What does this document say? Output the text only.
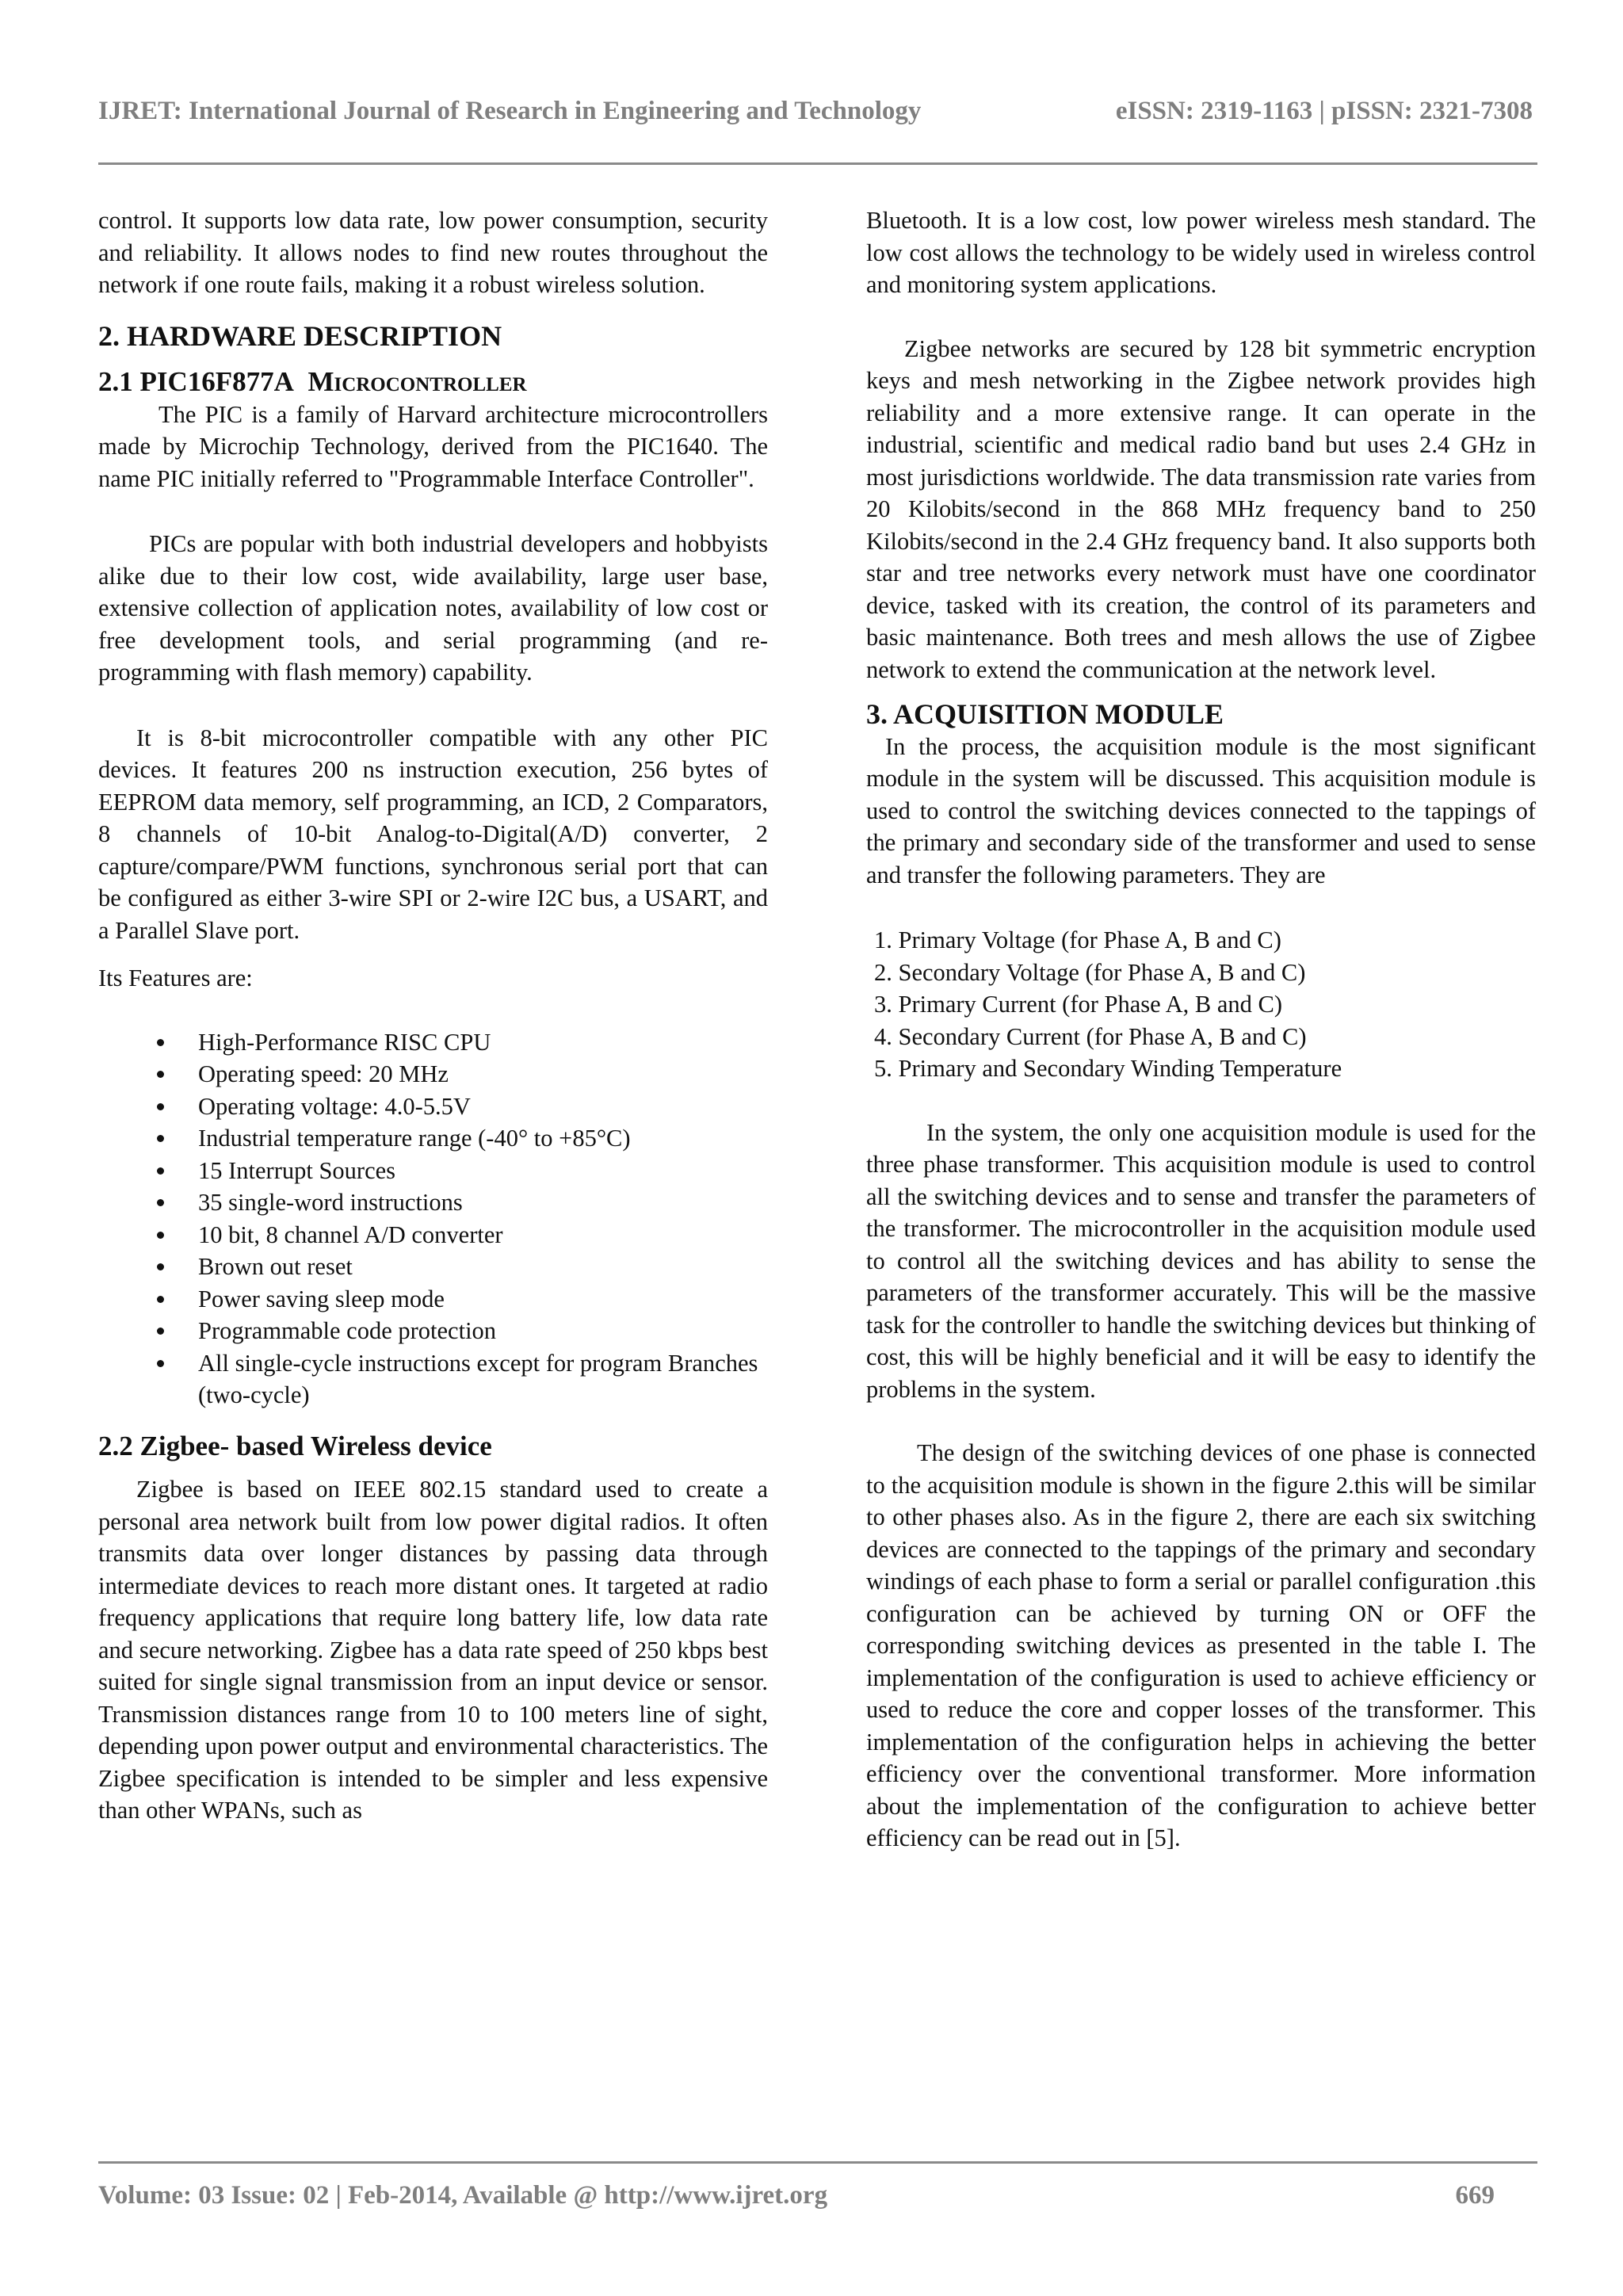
IJRET: International Journal of Research in Engineering and Technology	eISSN: 2319-1163 | pISSN: 2321-7308

control. It supports low data rate, low power consumption, security and reliability. It allows nodes to find new routes throughout the network if one route fails, making it a robust wireless solution.

2. HARDWARE DESCRIPTION
2.1 PIC16F877A Microcontroller

The PIC is a family of Harvard architecture microcontrollers made by Microchip Technology, derived from the PIC1640. The name PIC initially referred to "Programmable Interface Controller".

PICs are popular with both industrial developers and hobbyists alike due to their low cost, wide availability, large user base, extensive collection of application notes, availability of low cost or free development tools, and serial programming (and re-programming with flash memory) capability.

It is 8-bit microcontroller compatible with any other PIC devices. It features 200 ns instruction execution, 256 bytes of EEPROM data memory, self programming, an ICD, 2 Comparators, 8 channels of 10-bit Analog-to-Digital(A/D) converter, 2 capture/compare/PWM functions, synchronous serial port that can be configured as either 3-wire SPI or 2-wire I2C bus, a USART, and a Parallel Slave port.

Its Features are:

High-Performance RISC CPU
Operating speed: 20 MHz
Operating voltage: 4.0-5.5V
Industrial temperature range (-40° to +85°C)
15 Interrupt Sources
35 single-word instructions
10 bit, 8 channel A/D converter
Brown out reset
Power saving sleep mode
Programmable code protection
All single-cycle instructions except for program Branches (two-cycle)
2.2 Zigbee- based Wireless device

Zigbee is based on IEEE 802.15 standard used to create a personal area network built from low power digital radios. It often transmits data over longer distances by passing data through intermediate devices to reach more distant ones. It targeted at radio frequency applications that require long battery life, low data rate and secure networking. Zigbee has a data rate speed of 250 kbps best suited for single signal transmission from an input device or sensor. Transmission distances range from 10 to 100 meters line of sight, depending upon power output and environmental characteristics. The Zigbee specification is intended to be simpler and less expensive than other WPANs, such as

Bluetooth. It is a low cost, low power wireless mesh standard. The low cost allows the technology to be widely used in wireless control and monitoring system applications.

Zigbee networks are secured by 128 bit symmetric encryption keys and mesh networking in the Zigbee network provides high reliability and a more extensive range. It can operate in the industrial, scientific and medical radio band but uses 2.4 GHz in most jurisdictions worldwide. The data transmission rate varies from 20 Kilobits/second in the 868 MHz frequency band to 250 Kilobits/second in the 2.4 GHz frequency band. It also supports both star and tree networks every network must have one coordinator device, tasked with its creation, the control of its parameters and basic maintenance. Both trees and mesh allows the use of Zigbee network to extend the communication at the network level.

3. ACQUISITION MODULE

In the process, the acquisition module is the most significant module in the system will be discussed. This acquisition module is used to control the switching devices connected to the tappings of the primary and secondary side of the transformer and used to sense and transfer the following parameters. They are

1. Primary Voltage (for Phase A, B and C)
2. Secondary Voltage (for Phase A, B and C)
3. Primary Current (for Phase A, B and C)
4. Secondary Current (for Phase A, B and C)
5. Primary and Secondary Winding Temperature

In the system, the only one acquisition module is used for the three phase transformer. This acquisition module is used to control all the switching devices and to sense and transfer the parameters of the transformer. The microcontroller in the acquisition module used to control all the switching devices and has ability to sense the parameters of the transformer accurately. This will be the massive task for the controller to handle the switching devices but thinking of cost, this will be highly beneficial and it will be easy to identify the problems in the system.

The design of the switching devices of one phase is connected to the acquisition module is shown in the figure 2.this will be similar to other phases also. As in the figure 2, there are each six switching devices are connected to the tappings of the primary and secondary windings of each phase to form a serial or parallel configuration .this configuration can be achieved by turning ON or OFF the corresponding switching devices as presented in the table I. The implementation of the configuration is used to achieve efficiency or used to reduce the core and copper losses of the transformer. This implementation of the configuration helps in achieving the better efficiency over the conventional transformer. More information about the implementation of the configuration to achieve better efficiency can be read out in [5].

Volume: 03 Issue: 02 | Feb-2014, Available @ http://www.ijret.org	669
